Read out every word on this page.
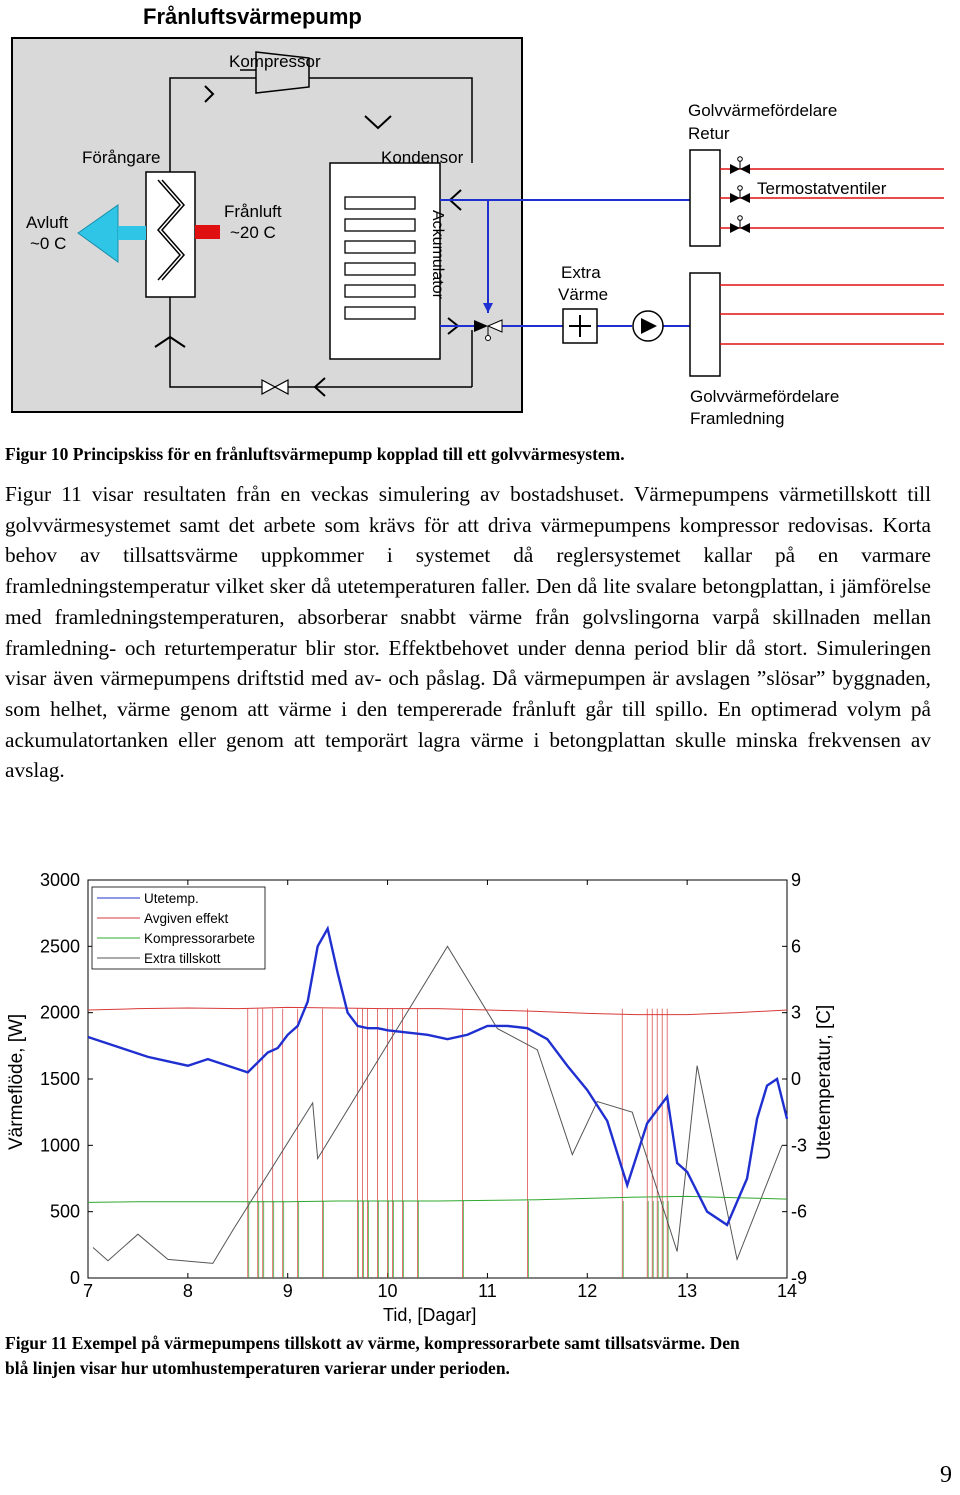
Frånluftsvärmepump
Kompressor
Förångare	Kondensor
Ackumulator
Avluft
~0 C
Frånluft
~20 C
Extra
Värme
Golvvärmefördelare
Retur
Termostatventiler
Golvvärmefördelare
Framledning
Figur 10 Principskiss för en frånluftsvärmepump kopplad till ett golvvärmesystem.

Figur 11 visar resultaten från en veckas simulering av bostadshuset. Värmepumpens värmetillskott till golvvärmesystemet samt det arbete som krävs för att driva värmepumpens kompressor redovisas. Korta behov av tillsattsvärme uppkommer i systemet då reglersystemet kallar på en varmare framledningstemperatur vilket sker då utetemperaturen faller. Den då lite svalare betongplattan, i jämförelse med framledningstemperaturen, absorberar snabbt värme från golvslingorna varpå skillnaden mellan framledning- och returtemperatur blir stor. Effektbehovet under denna period blir då stort. Simuleringen visar även värmepumpens driftstid med av- och påslag. Då värmepumpen är avslagen ”slösar” byggnaden, som helhet, värme genom att värme i den tempererade frånluft går till spillo. En optimerad volym på ackumulatortanken eller genom att temporärt lagra värme i betongplattan skulle minska frekvensen av avslag.

Utetemp.
Avgiven effekt
Kompressorarbete
Extra tillskott
7	8	9	10	11	12	13	14
0
500
1000
1500
2000
2500
3000
-9
-6
-3
0
3
6
9
Värmeflöde, [W]	Utetemperatur, [C]
Tid, [Dagar]
Figur 11 Exempel på värmepumpens tillskott av värme, kompressorarbete samt tillsatsvärme. Den
blå linjen visar hur utomhustemperaturen varierar under perioden.
9
